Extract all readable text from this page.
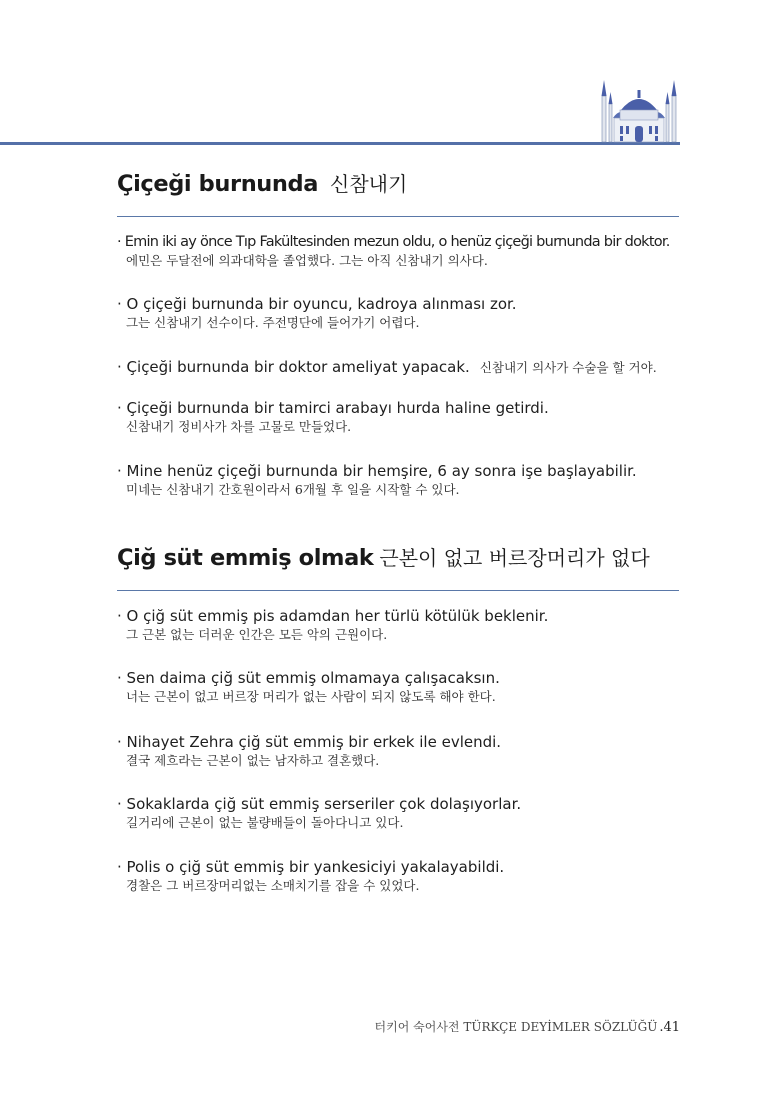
Çiçeği burnunda 신참내기
· Emin iki ay önce Tıp Fakültesinden mezun oldu, o henüz çiçeği burnunda bir doktor.
에민은 두달전에 의과대학을 졸업했다. 그는 아직 신참내기 의사다.
· O çiçeği burnunda bir oyuncu, kadroya alınması zor.
그는 신참내기 선수이다. 주전명단에 들어가기 어렵다.
· Çiçeği burnunda bir doktor ameliyat yapacak. 신참내기 의사가 수술을 할 거야.
· Çiçeği burnunda bir tamirci arabayı hurda haline getirdi.
신참내기 정비사가 차를 고물로 만들었다.
· Mine henüz çiçeği burnunda bir hemşire, 6 ay sonra işe başlayabilir.
미네는 신참내기 간호원이라서 6개월 후 일을 시작할 수 있다.
Çiğ süt emmiş olmak 근본이 없고 버르장머리가 없다
· O çiğ süt emmiş pis adamdan her türlü kötülük beklenir.
그 근본 없는 더러운 인간은 모든 악의 근원이다.
· Sen daima çiğ süt emmiş olmamaya çalışacaksın.
너는 근본이 없고 버르장 머리가 없는 사람이 되지 않도록 해야 한다.
· Nihayet Zehra çiğ süt emmiş bir erkek ile evlendi.
결국 제흐라는 근본이 없는 남자하고 결혼했다.
· Sokaklarda çiğ süt emmiş serseriler çok dolaşıyorlar.
길거리에 근본이 없는 불량배들이 돌아다니고 있다.
· Polis o çiğ süt emmiş bir yankesiciyi yakalayabildi.
경찰은 그 버르장머리없는 소매치기를 잡을 수 있었다.
터키어 숙어사전 TÜRKÇE DEYİMLER SÖZLÜĞÜ .41
